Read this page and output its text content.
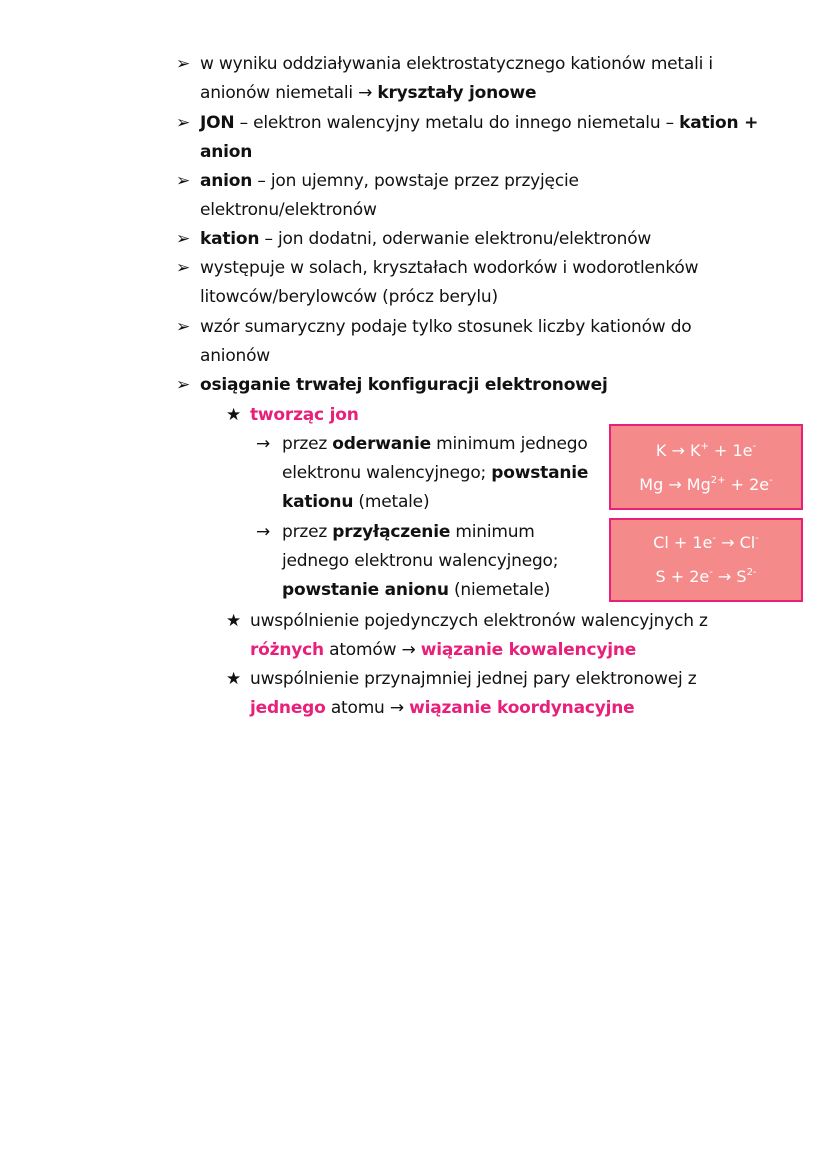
➢ w wyniku oddziaływania elektrostatycznego kationów metali i anionów niemetali → kryształy jonowe
➢ JON – elektron walencyjny metalu do innego niemetalu – kation + anion
➢ anion – jon ujemny, powstaje przez przyjęcie elektronu/elektronów
➢ kation – jon dodatni, oderwanie elektronu/elektronów
➢ występuje w solach, kryształach wodorków i wodorotlenków litowców/berylowców (prócz berylu)
➢ wzór sumaryczny podaje tylko stosunek liczby kationów do anionów
➢ osiąganie trwałej konfiguracji elektronowej
★ tworząc jon
→ przez oderwanie minimum jednego elektronu walencyjnego; powstanie kationu (metale)
→ przez przyłączenie minimum jednego elektronu walencyjnego; powstanie anionu (niemetale)
★ uwspólnienie pojedynczych elektronów walencyjnych z różnych atomów → wiązanie kowalencyjne
★ uwspólnienie przynajmniej jednej pary elektronowej z jednego atomu → wiązanie koordynacyjne
K → K+ + 1e-
$Mg \to Mg^{2+} + 2e^-$
Cl + 1e- → Cl-
$S + 2e^- \to S^{2-}$
